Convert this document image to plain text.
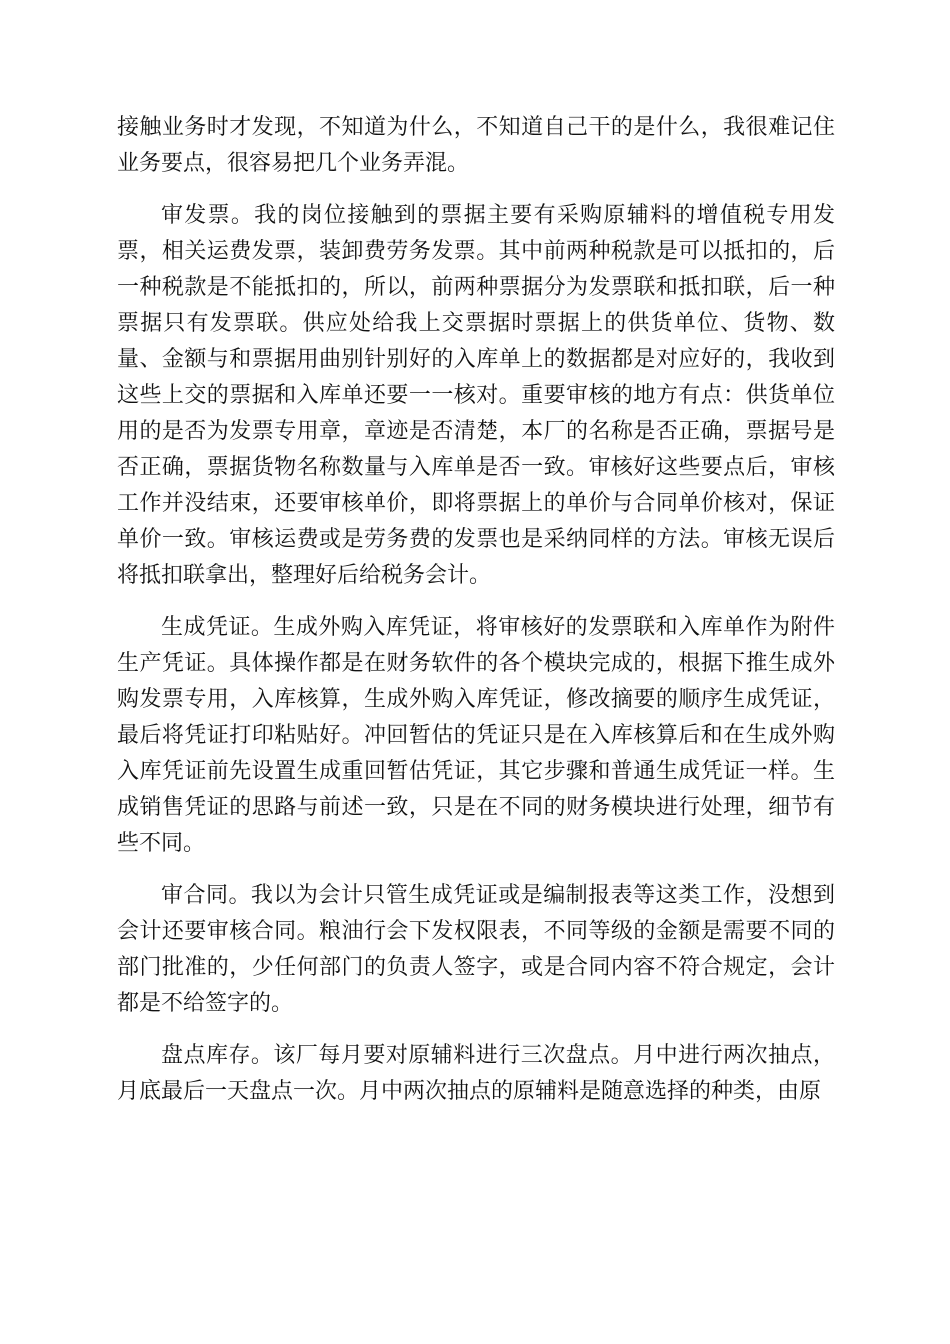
接触业务时才发现，不知道为什么，不知道自己干的是什么，我很难记住业务要点，很容易把几个业务弄混。

审发票。我的岗位接触到的票据主要有采购原辅料的增值税专用发票，相关运费发票，装卸费劳务发票。其中前两种税款是可以抵扣的，后一种税款是不能抵扣的，所以，前两种票据分为发票联和抵扣联，后一种票据只有发票联。供应处给我上交票据时票据上的供货单位、货物、数量、金额与和票据用曲别针别好的入库单上的数据都是对应好的，我收到这些上交的票据和入库单还要一一核对。重要审核的地方有点：供货单位用的是否为发票专用章，章迹是否清楚，本厂的名称是否正确，票据号是否正确，票据货物名称数量与入库单是否一致。审核好这些要点后，审核工作并没结束，还要审核单价，即将票据上的单价与合同单价核对，保证单价一致。审核运费或是劳务费的发票也是采纳同样的方法。审核无误后将抵扣联拿出，整理好后给税务会计。

生成凭证。生成外购入库凭证，将审核好的发票联和入库单作为附件生产凭证。具体操作都是在财务软件的各个模块完成的，根据下推生成外购发票专用，入库核算，生成外购入库凭证，修改摘要的顺序生成凭证，最后将凭证打印粘贴好。冲回暂估的凭证只是在入库核算后和在生成外购入库凭证前先设置生成重回暂估凭证，其它步骤和普通生成凭证一样。生成销售凭证的思路与前述一致，只是在不同的财务模块进行处理，细节有些不同。

审合同。我以为会计只管生成凭证或是编制报表等这类工作，没想到会计还要审核合同。粮油行会下发权限表，不同等级的金额是需要不同的部门批准的，少任何部门的负责人签字，或是合同内容不符合规定，会计都是不给签字的。

盘点库存。该厂每月要对原辅料进行三次盘点。月中进行两次抽点，月底最后一天盘点一次。月中两次抽点的原辅料是随意选择的种类，由原
